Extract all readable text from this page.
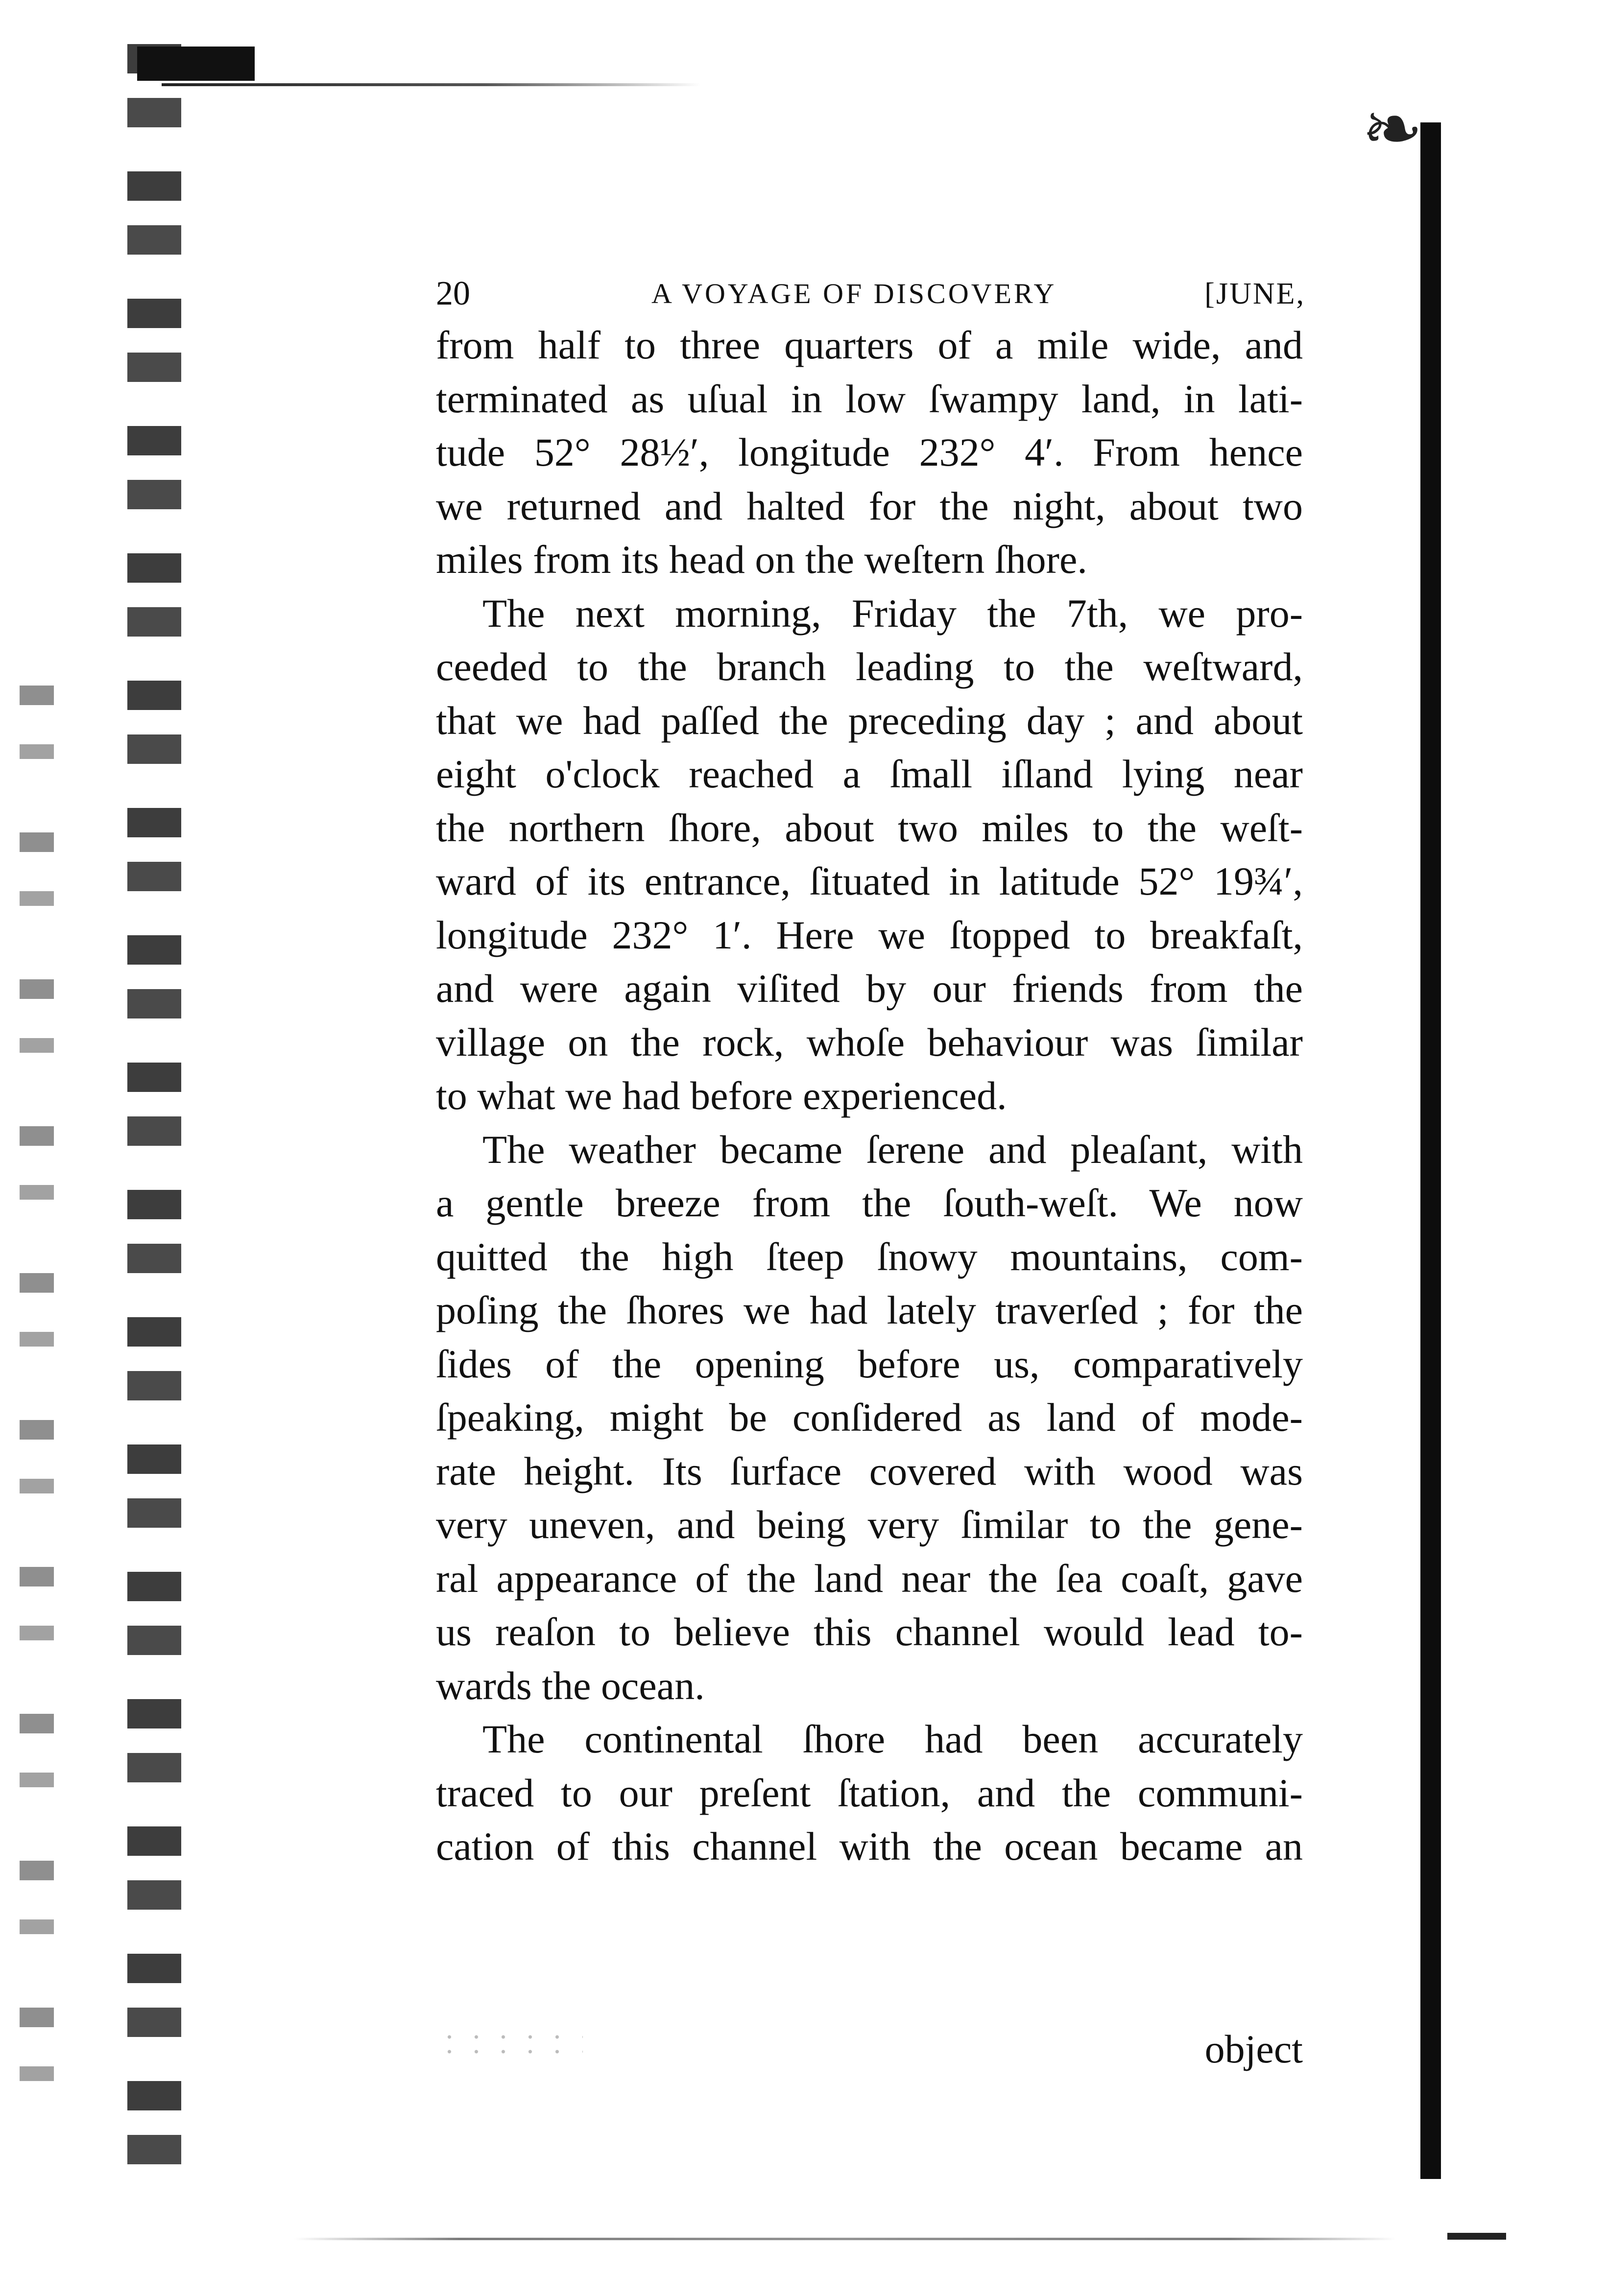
❧
20	A VOYAGE OF DISCOVERY	[JUNE,
from half to three quarters of a mile wide, and
terminated as uſual in low ſwampy land, in lati-
tude 52° 28½′, longitude 232° 4′. From hence
we returned and halted for the night, about two
miles from its head on the weſtern ſhore.
The next morning, Friday the 7th, we pro-
ceeded to the branch leading to the weſtward,
that we had paſſed the preceding day ; and about
eight o'clock reached a ſmall iſland lying near
the northern ſhore, about two miles to the weſt-
ward of its entrance, ſituated in latitude 52° 19¾′,
longitude 232° 1′. Here we ſtopped to breakfaſt,
and were again viſited by our friends from the
village on the rock, whoſe behaviour was ſimilar
to what we had before experienced.
The weather became ſerene and pleaſant, with
a gentle breeze from the ſouth-weſt. We now
quitted the high ſteep ſnowy mountains, com-
poſing the ſhores we had lately traverſed ; for the
ſides of the opening before us, comparatively
ſpeaking, might be conſidered as land of mode-
rate height. Its ſurface covered with wood was
very uneven, and being very ſimilar to the gene-
ral appearance of the land near the ſea coaſt, gave
us reaſon to believe this channel would lead to-
wards the ocean.
The continental ſhore had been accurately
traced to our preſent ſtation, and the communi-
cation of this channel with the ocean became an
object
